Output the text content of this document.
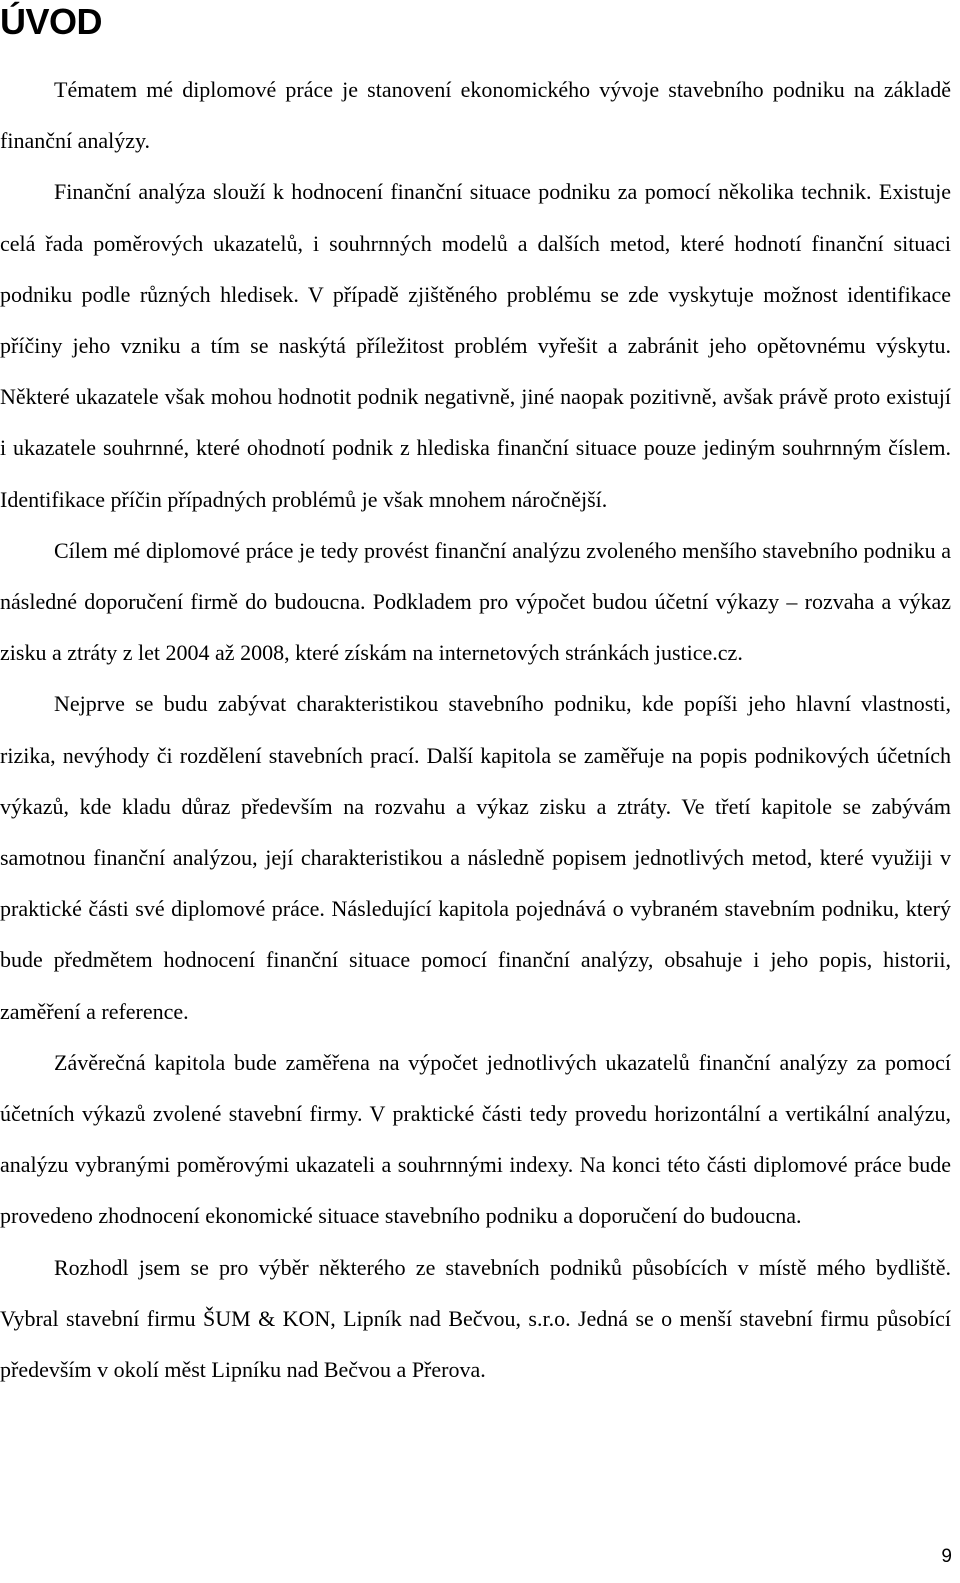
ÚVOD

Tématem mé diplomové práce je stanovení ekonomického vývoje stavebního podniku na základě finanční analýzy.

Finanční analýza slouží k hodnocení finanční situace podniku za pomocí několika technik. Existuje celá řada poměrových ukazatelů, i souhrnných modelů a dalších metod, které hodnotí finanční situaci podniku podle různých hledisek. V případě zjištěného problému se zde vyskytuje možnost identifikace příčiny jeho vzniku a tím se naskýtá příležitost problém vyřešit a zabránit jeho opětovnému výskytu. Některé ukazatele však mohou hodnotit podnik negativně, jiné naopak pozitivně, avšak právě proto existují i ukazatele souhrnné, které ohodnotí podnik z hlediska finanční situace pouze jediným souhrnným číslem. Identifikace příčin případných problémů je však mnohem náročnější.

Cílem mé diplomové práce je tedy provést finanční analýzu zvoleného menšího stavebního podniku a následné doporučení firmě do budoucna. Podkladem pro výpočet budou účetní výkazy – rozvaha a výkaz zisku a ztráty z let 2004 až 2008, které získám na internetových stránkách justice.cz.

Nejprve se budu zabývat charakteristikou stavebního podniku, kde popíši jeho hlavní vlastnosti, rizika, nevýhody či rozdělení stavebních prací. Další kapitola se zaměřuje na popis podnikových účetních výkazů, kde kladu důraz především na rozvahu a výkaz zisku a ztráty. Ve třetí kapitole se zabývám samotnou finanční analýzou, její charakteristikou a následně popisem jednotlivých metod, které využiji v praktické části své diplomové práce. Následující kapitola pojednává o vybraném stavebním podniku, který bude předmětem hodnocení finanční situace pomocí finanční analýzy, obsahuje i jeho popis, historii, zaměření a reference.

Závěrečná kapitola bude zaměřena na výpočet jednotlivých ukazatelů finanční analýzy za pomocí účetních výkazů zvolené stavební firmy. V praktické části tedy provedu horizontální a vertikální analýzu, analýzu vybranými poměrovými ukazateli a souhrnnými indexy. Na konci této části diplomové práce bude provedeno zhodnocení ekonomické situace stavebního podniku a doporučení do budoucna.

Rozhodl jsem se pro výběr některého ze stavebních podniků působících v místě mého bydliště. Vybral stavební firmu ŠUM & KON, Lipník nad Bečvou, s.r.o. Jedná se o menší stavební firmu působící především v okolí měst Lipníku nad Bečvou a Přerova.

9
